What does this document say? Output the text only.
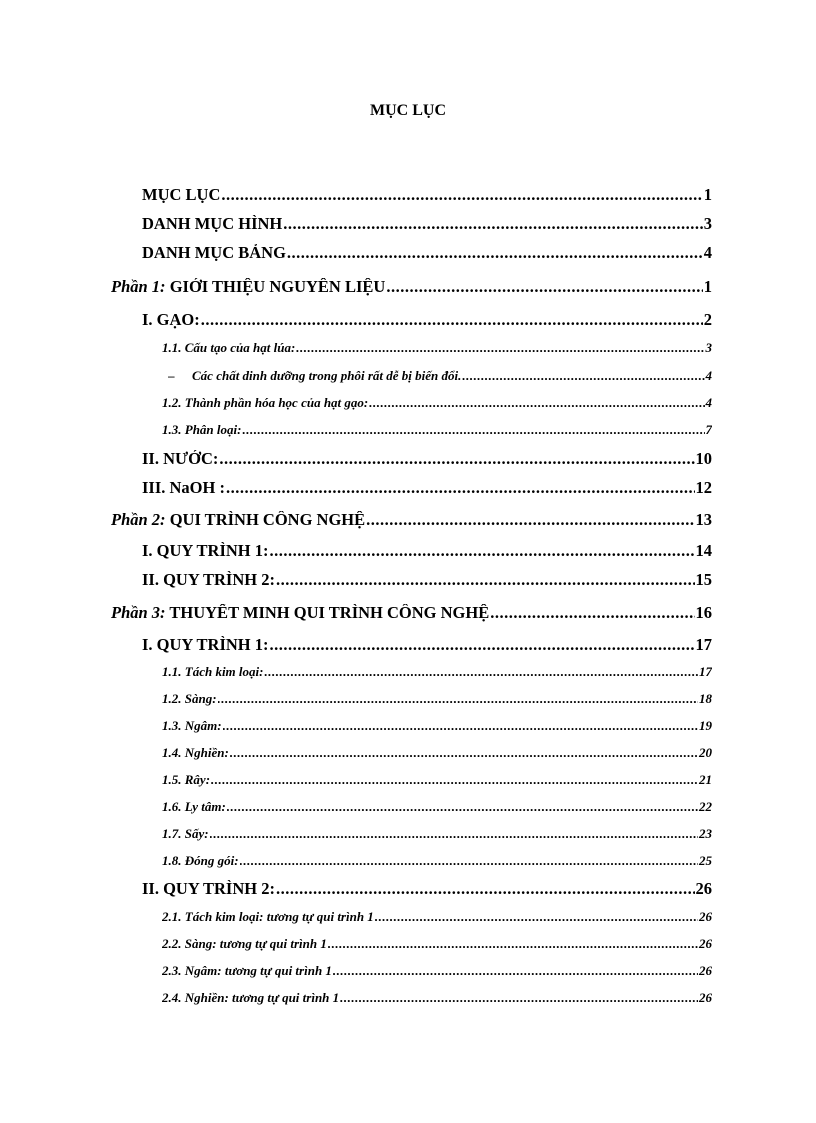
MỤC LỤC
MỤC LỤC .....	1
DANH MỤC HÌNH .....	3
DANH MỤC BẢNG .....	4
Phần 1: GIỚI THIỆU NGUYÊN LIỆU .....	1
I. GẠO: .....	2
1.1. Cấu tạo của hạt lúa: .....	3
– Các chất dinh dưỡng trong phôi rất dễ bị biến đổi. .....	4
1.2. Thành phần hóa học của hạt gạo: .....	4
1.3. Phân loại: .....	7
II. NƯỚC: .....	10
III. NaOH : .....	12
Phần 2: QUI TRÌNH CÔNG NGHỆ .....	13
I. QUY TRÌNH 1: .....	14
II. QUY TRÌNH 2: .....	15
Phần 3: THUYẾT MINH QUI TRÌNH CÔNG NGHỆ .....	16
I. QUY TRÌNH 1: .....	17
1.1. Tách kim loại: .....	17
1.2. Sàng: .....	18
1.3. Ngâm: .....	19
1.4. Nghiền: .....	20
1.5. Rây: .....	21
1.6. Ly tâm: .....	22
1.7. Sấy: .....	23
1.8. Đóng gói: .....	25
II. QUY TRÌNH 2: .....	26
2.1. Tách kim loại: tương tự qui trình 1 .....	26
2.2. Sàng: tương tự qui trình 1 .....	26
2.3. Ngâm: tương tự qui trình 1 .....	26
2.4. Nghiền: tương tự qui trình 1 .....	26
